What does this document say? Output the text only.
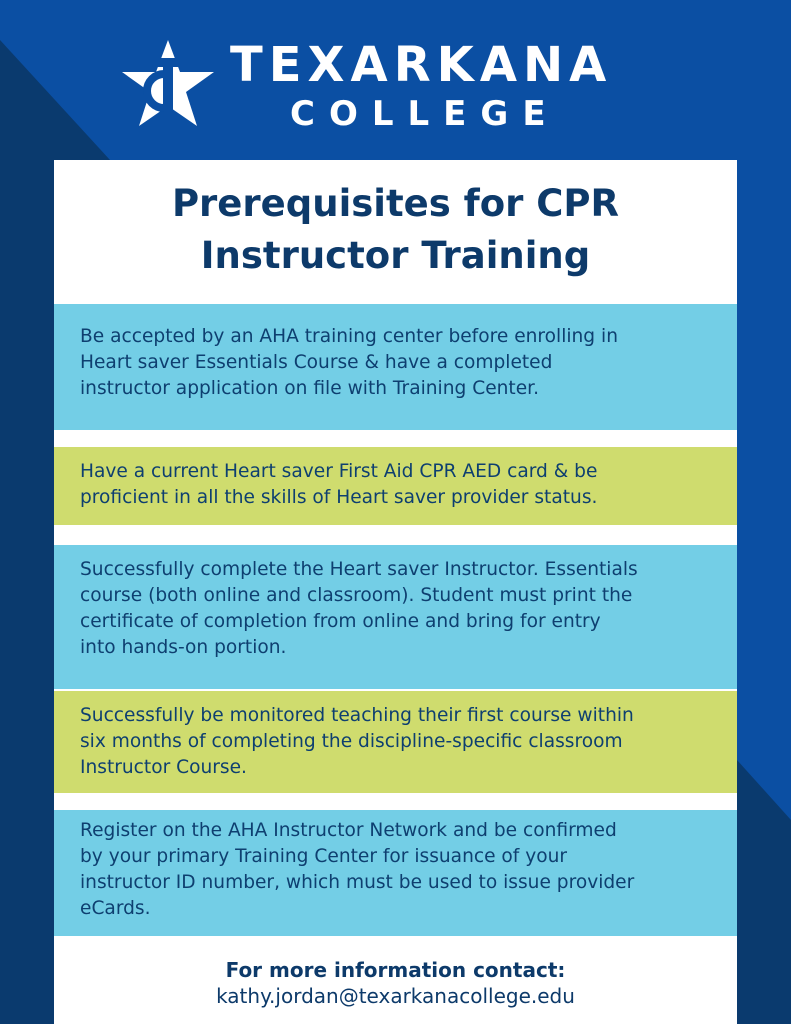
TEXARKANA
COLLEGE
Prerequisites for CPR
Instructor Training

Be accepted by an AHA training center before enrolling in

Heart saver Essentials Course & have a completed

instructor application on file with Training Center.

Have a current Heart saver First Aid CPR AED card & be

proficient in all the skills of Heart saver provider status.

Successfully complete the Heart saver Instructor. Essentials

course (both online and classroom). Student must print the

certificate of completion from online and bring for entry

into hands-on portion.

Successfully be monitored teaching their first course within

six months of completing the discipline-specific classroom

Instructor Course.

Register on the AHA Instructor Network and be confirmed

by your primary Training Center for issuance of your

instructor ID number, which must be used to issue provider

eCards.

For more information contact:
kathy.jordan@texarkanacollege.edu
